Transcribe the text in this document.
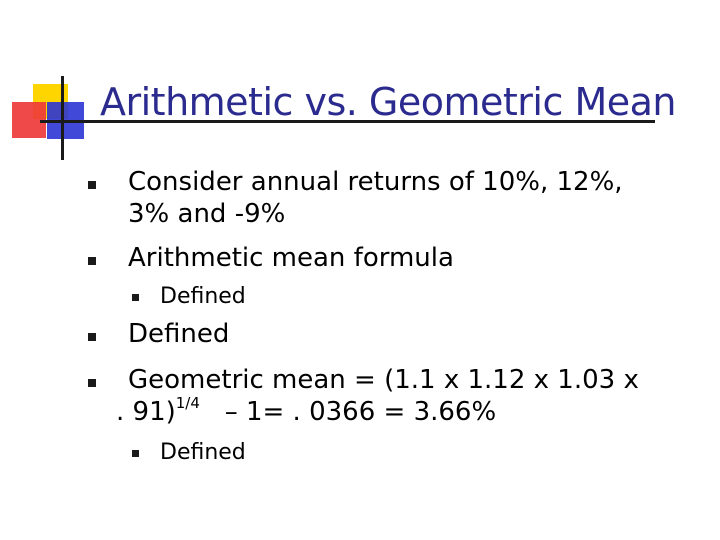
Arithmetic vs. Geometric Mean
Consider annual returns of 10%, 12%,
3% and -9%
Arithmetic mean formula
Defined
Defined
Geometric mean = (1.1 x 1.12 x 1.03 x
. 91)$^{1/4}$   – 1= . 0366 = 3.66%
Defined
